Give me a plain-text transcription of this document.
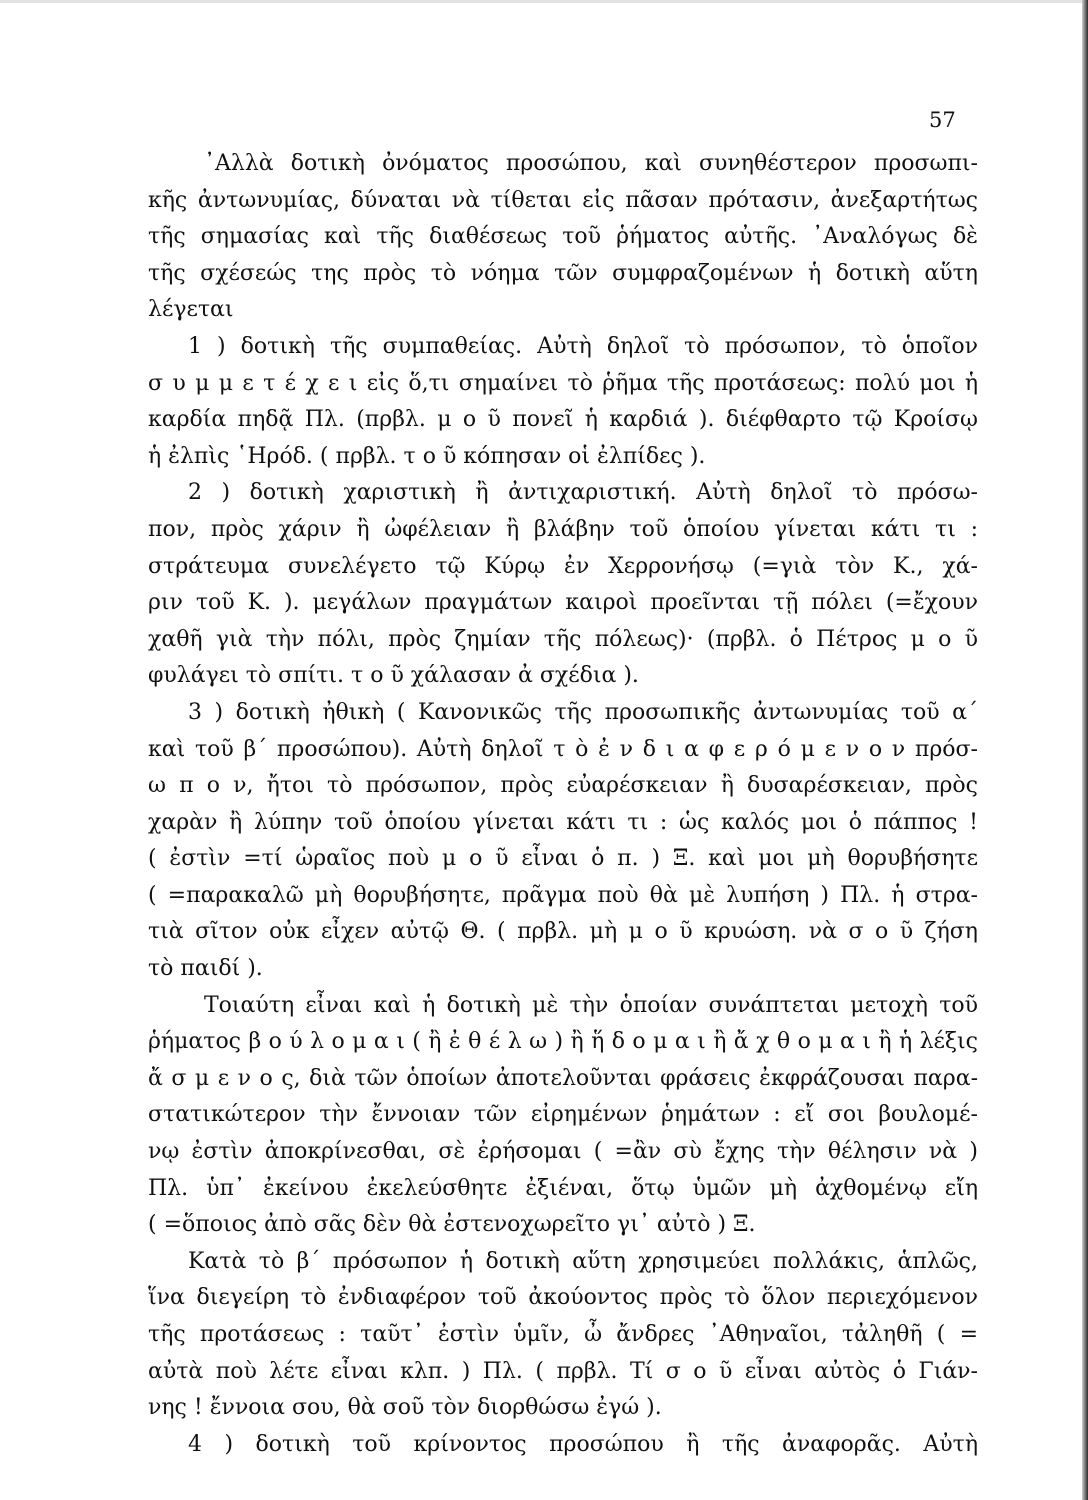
57
᾿Αλλὰ δοτικὴ ὀνόματος προσώπου, καὶ συνηθέστερον προσωπι-
κῆς ἀντωνυμίας, δύναται νὰ τίθεται εἰς πᾶσαν πρότασιν, ἀνεξαρτήτως
τῆς σημασίας καὶ τῆς διαθέσεως τοῦ ῥήματος αὐτῆς. ᾿Αναλόγως δὲ
τῆς σχέσεώς της πρὸς τὸ νόημα τῶν συμφραζομένων ἡ δοτικὴ αὕτη
λέγεται
1 ) δοτικὴ τῆς συμπαθείας. Αὐτὴ δηλοῖ τὸ πρόσωπον, τὸ ὁποῖον
σ υ μ μ ε τ έ χ ε ι εἰς ὅ,τι σημαίνει τὸ ῥῆμα τῆς προτάσεως: πολύ μοι ἡ
καρδία πηδᾷ Πλ. (πρβλ. μ ο ῦ πονεῖ ἡ καρδιά ). διέφθαρτο τῷ Κροίσῳ
ἡ ἐλπὶς ῾Ηρόδ. ( πρβλ. τ ο ῦ κόπησαν οἱ ἐλπίδες ).
2 ) δοτικὴ χαριστικὴ ἢ ἀντιχαριστική. Αὐτὴ δηλοῖ τὸ πρόσω-
πον, πρὸς χάριν ἢ ὠφέλειαν ἢ βλάβην τοῦ ὁποίου γίνεται κάτι τι :
στράτευμα συνελέγετο τῷ Κύρῳ ἐν Χερρονήσῳ (=γιὰ τὸν Κ., χά-
ριν τοῦ Κ. ). μεγάλων πραγμάτων καιροὶ προεῖνται τῇ πόλει (=ἔχουν
χαθῆ γιὰ τὴν πόλι, πρὸς ζημίαν τῆς πόλεως)· (πρβλ. ὁ Πέτρος μ ο ῦ
φυλάγει τὸ σπίτι. τ ο ῦ χάλασαν ἀ σχέδια ).
3 ) δοτικὴ ἠθικὴ ( Κανονικῶς τῆς προσωπικῆς ἀντωνυμίας τοῦ α΄
καὶ τοῦ β΄ προσώπου). Αὐτὴ δηλοῖ τ ὸ ἐ ν δ ι α φ ε ρ ό μ ε ν ο ν πρόσ-
ω π ο ν, ἤτοι τὸ πρόσωπον, πρὸς εὐαρέσκειαν ἢ δυσαρέσκειαν, πρὸς
χαρὰν ἢ λύπην τοῦ ὁποίου γίνεται κάτι τι : ὡς καλός μοι ὁ πάππος !
( ἐστὶν =τί ὡραῖος ποὺ μ ο ῦ εἶναι ὁ π. ) Ξ. καὶ μοι μὴ θορυβήσητε
( =παρακαλῶ μὴ θορυβήσητε, πρᾶγμα ποὺ θὰ μὲ λυπήση ) Πλ. ἡ στρα-
τιὰ σῖτον οὐκ εἶχεν αὐτῷ Θ. ( πρβλ. μὴ μ ο ῦ κρυώση. νὰ σ ο ῦ ζήση
τὸ παιδί ).
Τοιαύτη εἶναι καὶ ἡ δοτικὴ μὲ τὴν ὁποίαν συνάπτεται μετοχὴ τοῦ
ῥήματος β ο ύ λ ο μ α ι ( ἢ ἐ θ έ λ ω ) ἢ ἥ δ ο μ α ι ἢ ἄ χ θ ο μ α ι ἢ ἡ λέξις
ἄ σ μ ε ν ο ς, διὰ τῶν ὁποίων ἀποτελοῦνται φράσεις ἐκφράζουσαι παρα-
στατικώτερον τὴν ἔννοιαν τῶν εἰρημένων ῥημάτων : εἴ σοι βουλομέ-
νῳ ἐστὶν ἀποκρίνεσθαι, σὲ ἐρήσομαι ( =ἂν σὺ ἔχης τὴν θέλησιν νὰ )
Πλ. ὑπ᾿ ἐκείνου ἐκελεύσθητε ἐξιέναι, ὅτῳ ὑμῶν μὴ ἀχθομένῳ εἴη
( =ὅποιος ἀπὸ σᾶς δὲν θὰ ἐστενοχωρεῖτο γι᾿ αὐτὸ ) Ξ.
Κατὰ τὸ β΄ πρόσωπον ἡ δοτικὴ αὕτη χρησιμεύει πολλάκις, ἁπλῶς,
ἵνα διεγείρη τὸ ἐνδιαφέρον τοῦ ἀκούοντος πρὸς τὸ ὅλον περιεχόμενον
τῆς προτάσεως : ταῦτ᾿ ἐστὶν ὑμῖν, ὦ ἄνδρες ᾿Αθηναῖοι, τἀληθῆ ( =
αὐτὰ ποὺ λέτε εἶναι κλπ. ) Πλ. ( πρβλ. Τί σ ο ῦ εἶναι αὐτὸς ὁ Γιάν-
νης ! ἔννοια σου, θὰ σοῦ τὸν διορθώσω ἐγώ ).
4 ) δοτικὴ τοῦ κρίνοντος προσώπου ἢ τῆς ἀναφορᾶς. Αὐτὴ
